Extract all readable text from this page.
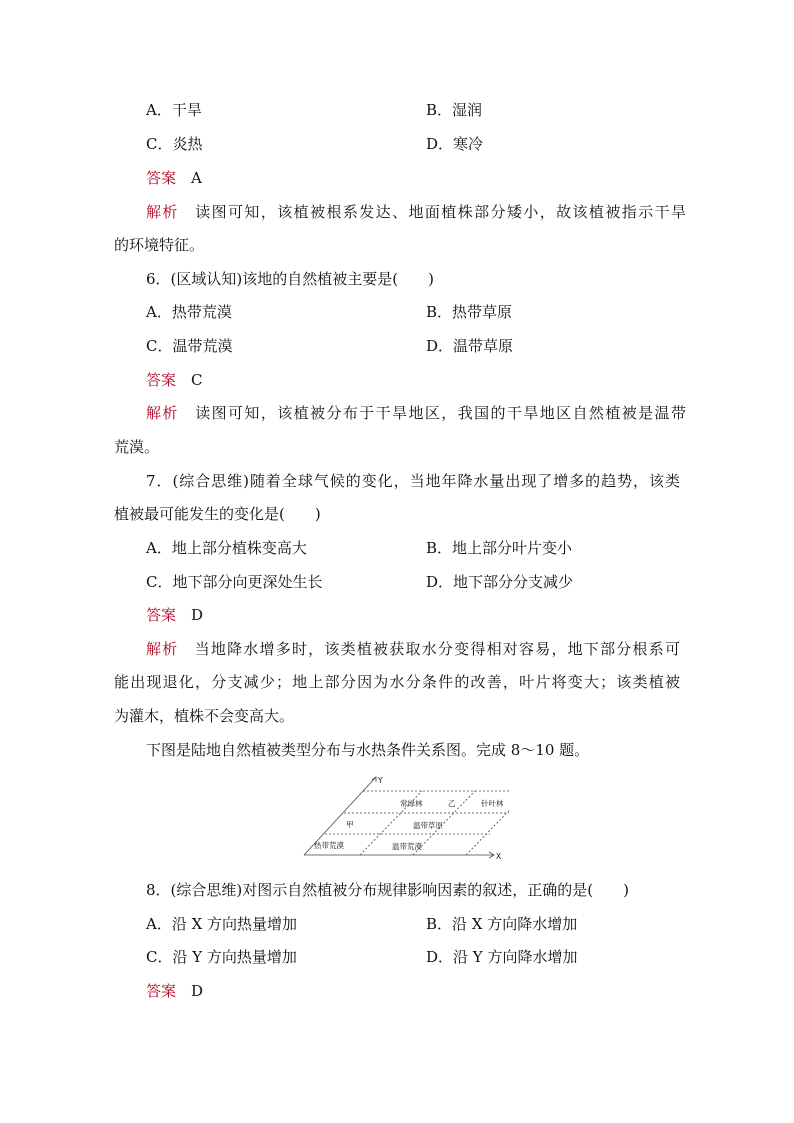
A．干旱	B．湿润
C．炎热	D．寒冷
答案　 A
解析　 读图可知，该植被根系发达、地面植株部分矮小，故该植被指示干旱
的环境特征。
6．(区域认知)该地的自然植被主要是(　　)
A．热带荒漠	B．热带草原
C．温带荒漠	D．温带草原
答案　 C
解析　 读图可知，该植被分布于干旱地区，我国的干旱地区自然植被是温带
荒漠。
7．(综合思维)随着全球气候的变化，当地年降水量出现了增多的趋势，该类
植被最可能发生的变化是(　　)
A．地上部分植株变高大	B．地上部分叶片变小
C．地下部分向更深处生长	D．地下部分分支减少
答案　 D
解析　 当地降水增多时，该类植被获取水分变得相对容易，地下部分根系可
能出现退化，分支减少；地上部分因为水分条件的改善，叶片将变大；该类植被
为灌木，植株不会变高大。
下图是陆地自然植被类型分布与水热条件关系图。完成 8～10 题。
Y
X
常绿林	乙	针叶林
甲	温带草原
热带荒漠	温带荒漠
8．(综合思维)对图示自然植被分布规律影响因素的叙述，正确的是(　　)
A．沿 X 方向热量增加	B．沿 X 方向降水增加
C．沿 Y 方向热量增加	D．沿 Y 方向降水增加
答案　 D
